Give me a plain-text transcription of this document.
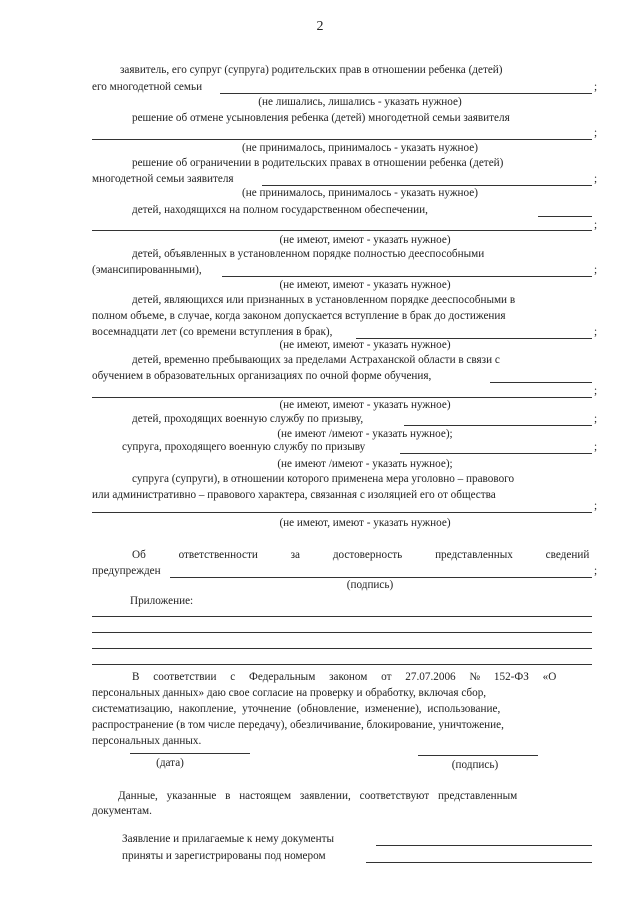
2
заявитель, его супруг (супруга) родительских прав в отношении ребенка (детей)
его многодетной семьи	;
(не лишались, лишались - указать нужное)
решение об отмене усыновления ребенка (детей) многодетной семьи заявителя
;
(не принималось, принималось - указать нужное)
решение об ограничении в родительских правах в отношении ребенка (детей)
многодетной семьи заявителя	;
(не принималось, принималось - указать нужное)
детей, находящихся на полном государственном обеспечении,
;
(не имеют, имеют - указать нужное)
детей, объявленных в установленном порядке полностью дееспособными
(эмансипированными),	;
(не имеют, имеют - указать нужное)
детей, являющихся или признанных в установленном порядке дееспособными в
полном объеме, в случае, когда законом допускается вступление в брак до достижения
восемнадцати лет (со времени вступления в брак),	;
(не имеют, имеют - указать нужное)
детей, временно пребывающих за пределами Астраханской области в связи с
обучением в образовательных организациях по очной форме обучения,
;
(не имеют, имеют - указать нужное)
детей, проходящих военную службу по призыву,	;
(не имеют /имеют - указать нужное);
супруга, проходящего военную службу по призыву	;
(не имеют /имеют - указать нужное);
супруга (супруги), в отношении которого применена мера уголовно – правового
или административно – правового характера, связанная с изоляцией его от общества
;
(не имеют, имеют - указать нужное)
Об ответственности за достоверность представленных сведений
предупрежден	;
(подпись)
Приложение:
В соответствии с Федеральным законом от 27.07.2006 № 152-ФЗ «О
персональных данных» даю свое согласие на проверку и обработку, включая сбор,
систематизацию, накопление, уточнение (обновление, изменение), использование,
распространение (в том числе передачу), обезличивание, блокирование, уничтожение,
персональных данных.
(дата)	(подпись)
Данные, указанные в настоящем заявлении, соответствуют представленным
документам.
Заявление и прилагаемые к нему документы
приняты и зарегистрированы под номером
